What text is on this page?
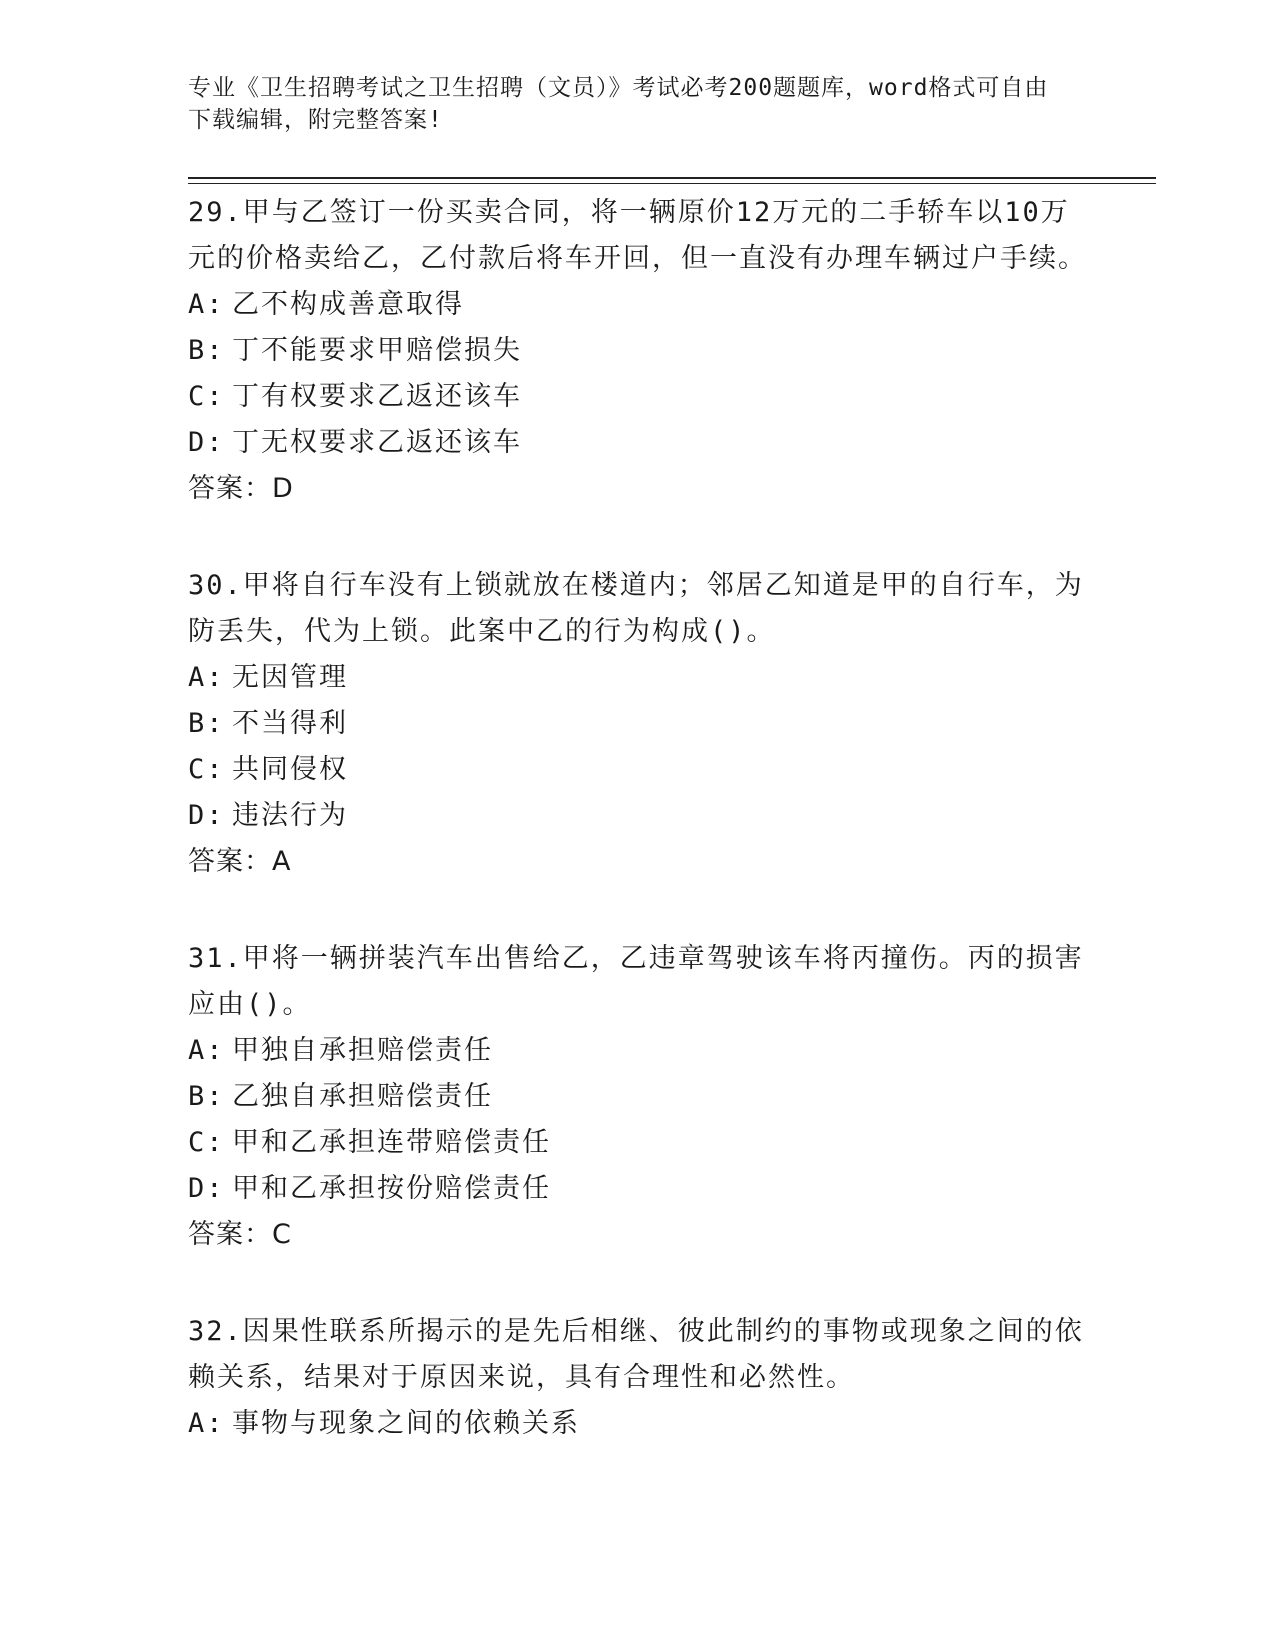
专业《卫生招聘考试之卫生招聘（文员）》考试必考200题题库，word格式可自由下载编辑，附完整答案!

29.甲与乙签订一份买卖合同，将一辆原价12万元的二手轿车以10万元的价格卖给乙，乙付款后将车开回，但一直没有办理车辆过户手续。

A: 乙不构成善意取得
B: 丁不能要求甲赔偿损失
C: 丁有权要求乙返还该车
D: 丁无权要求乙返还该车
答案：D

30.甲将自行车没有上锁就放在楼道内；邻居乙知道是甲的自行车，为防丢失，代为上锁。此案中乙的行为构成()。

A: 无因管理
B: 不当得利
C: 共同侵权
D: 违法行为
答案：A

31.甲将一辆拼装汽车出售给乙，乙违章驾驶该车将丙撞伤。丙的损害应由()。

A: 甲独自承担赔偿责任
B: 乙独自承担赔偿责任
C: 甲和乙承担连带赔偿责任
D: 甲和乙承担按份赔偿责任
答案：C

32.因果性联系所揭示的是先后相继、彼此制约的事物或现象之间的依赖关系，结果对于原因来说，具有合理性和必然性。

A: 事物与现象之间的依赖关系
